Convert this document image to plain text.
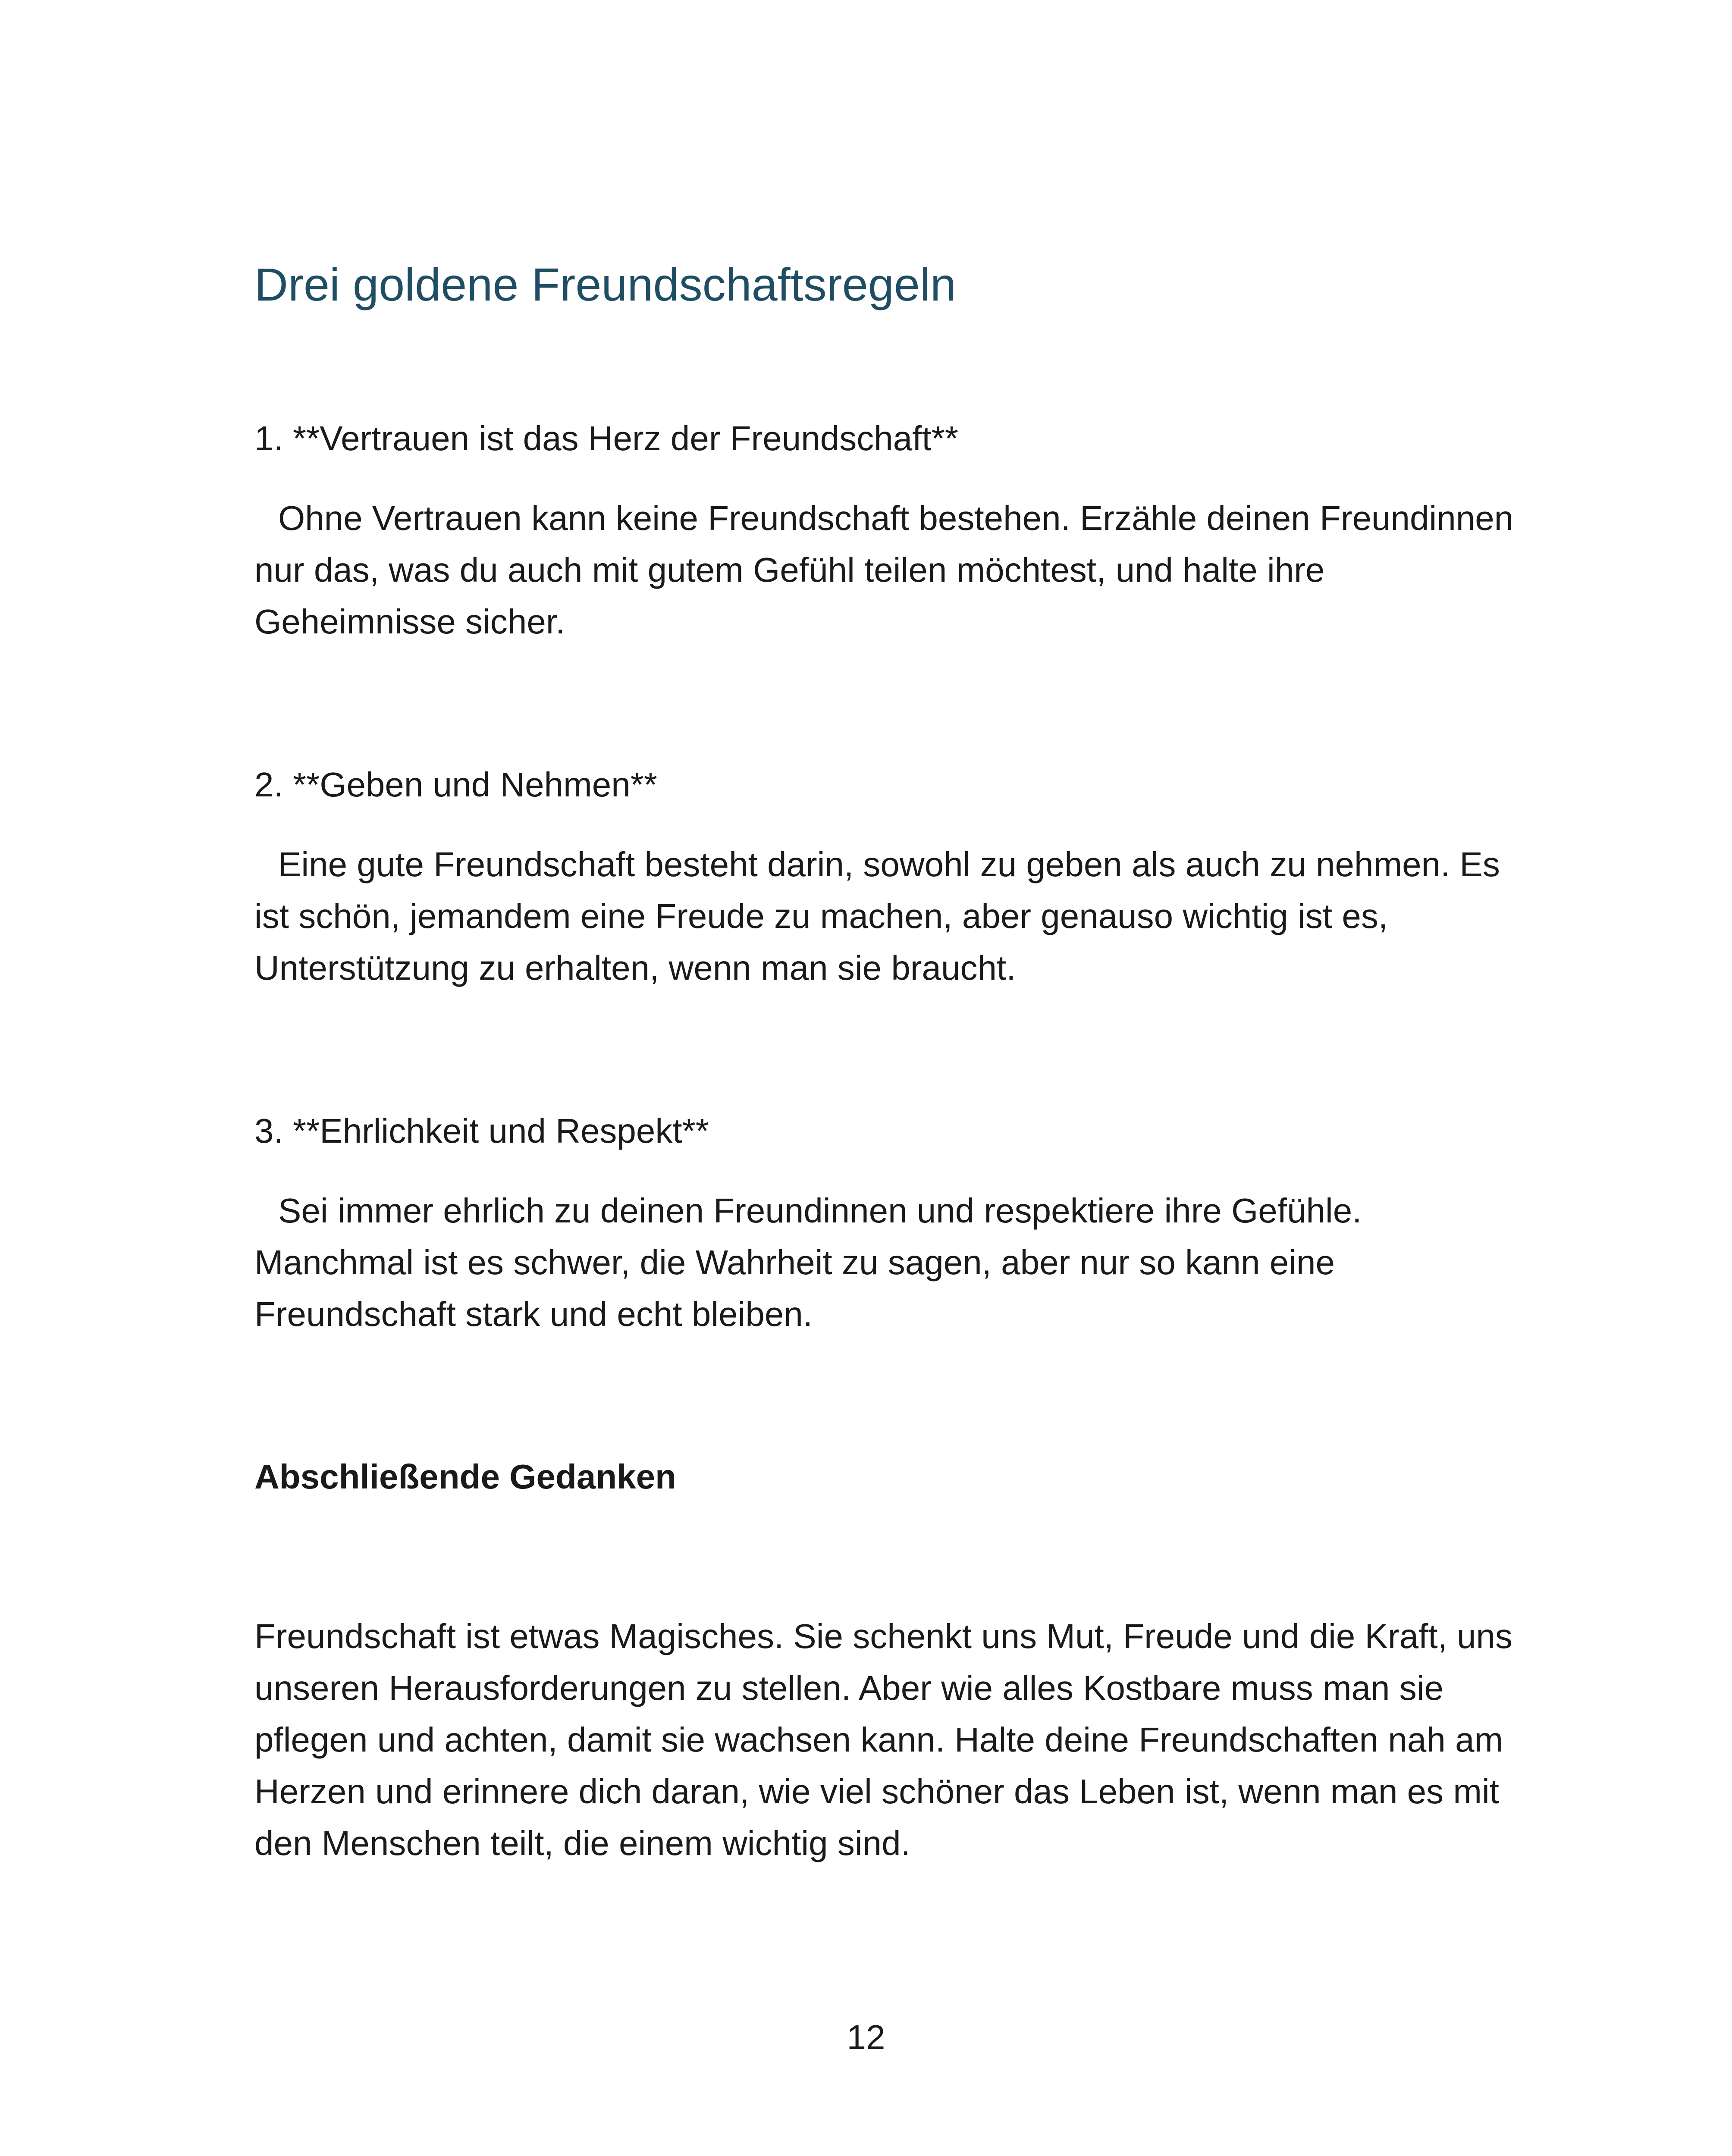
Drei goldene Freundschaftsregeln

1. **Vertrauen ist das Herz der Freundschaft**

Ohne Vertrauen kann keine Freundschaft bestehen. Erzähle deinen Freundinnen nur das, was du auch mit gutem Gefühl teilen möchtest, und halte ihre Geheimnisse sicher.

2. **Geben und Nehmen**

Eine gute Freundschaft besteht darin, sowohl zu geben als auch zu nehmen. Es ist schön, jemandem eine Freude zu machen, aber genauso wichtig ist es, Unterstützung zu erhalten, wenn man sie braucht.

3. **Ehrlichkeit und Respekt**

Sei immer ehrlich zu deinen Freundinnen und respektiere ihre Gefühle. Manchmal ist es schwer, die Wahrheit zu sagen, aber nur so kann eine Freundschaft stark und echt bleiben.

Abschließende Gedanken

Freundschaft ist etwas Magisches. Sie schenkt uns Mut, Freude und die Kraft, uns unseren Herausforderungen zu stellen. Aber wie alles Kostbare muss man sie pflegen und achten, damit sie wachsen kann. Halte deine Freundschaften nah am Herzen und erinnere dich daran, wie viel schöner das Leben ist, wenn man es mit den Menschen teilt, die einem wichtig sind.

12
